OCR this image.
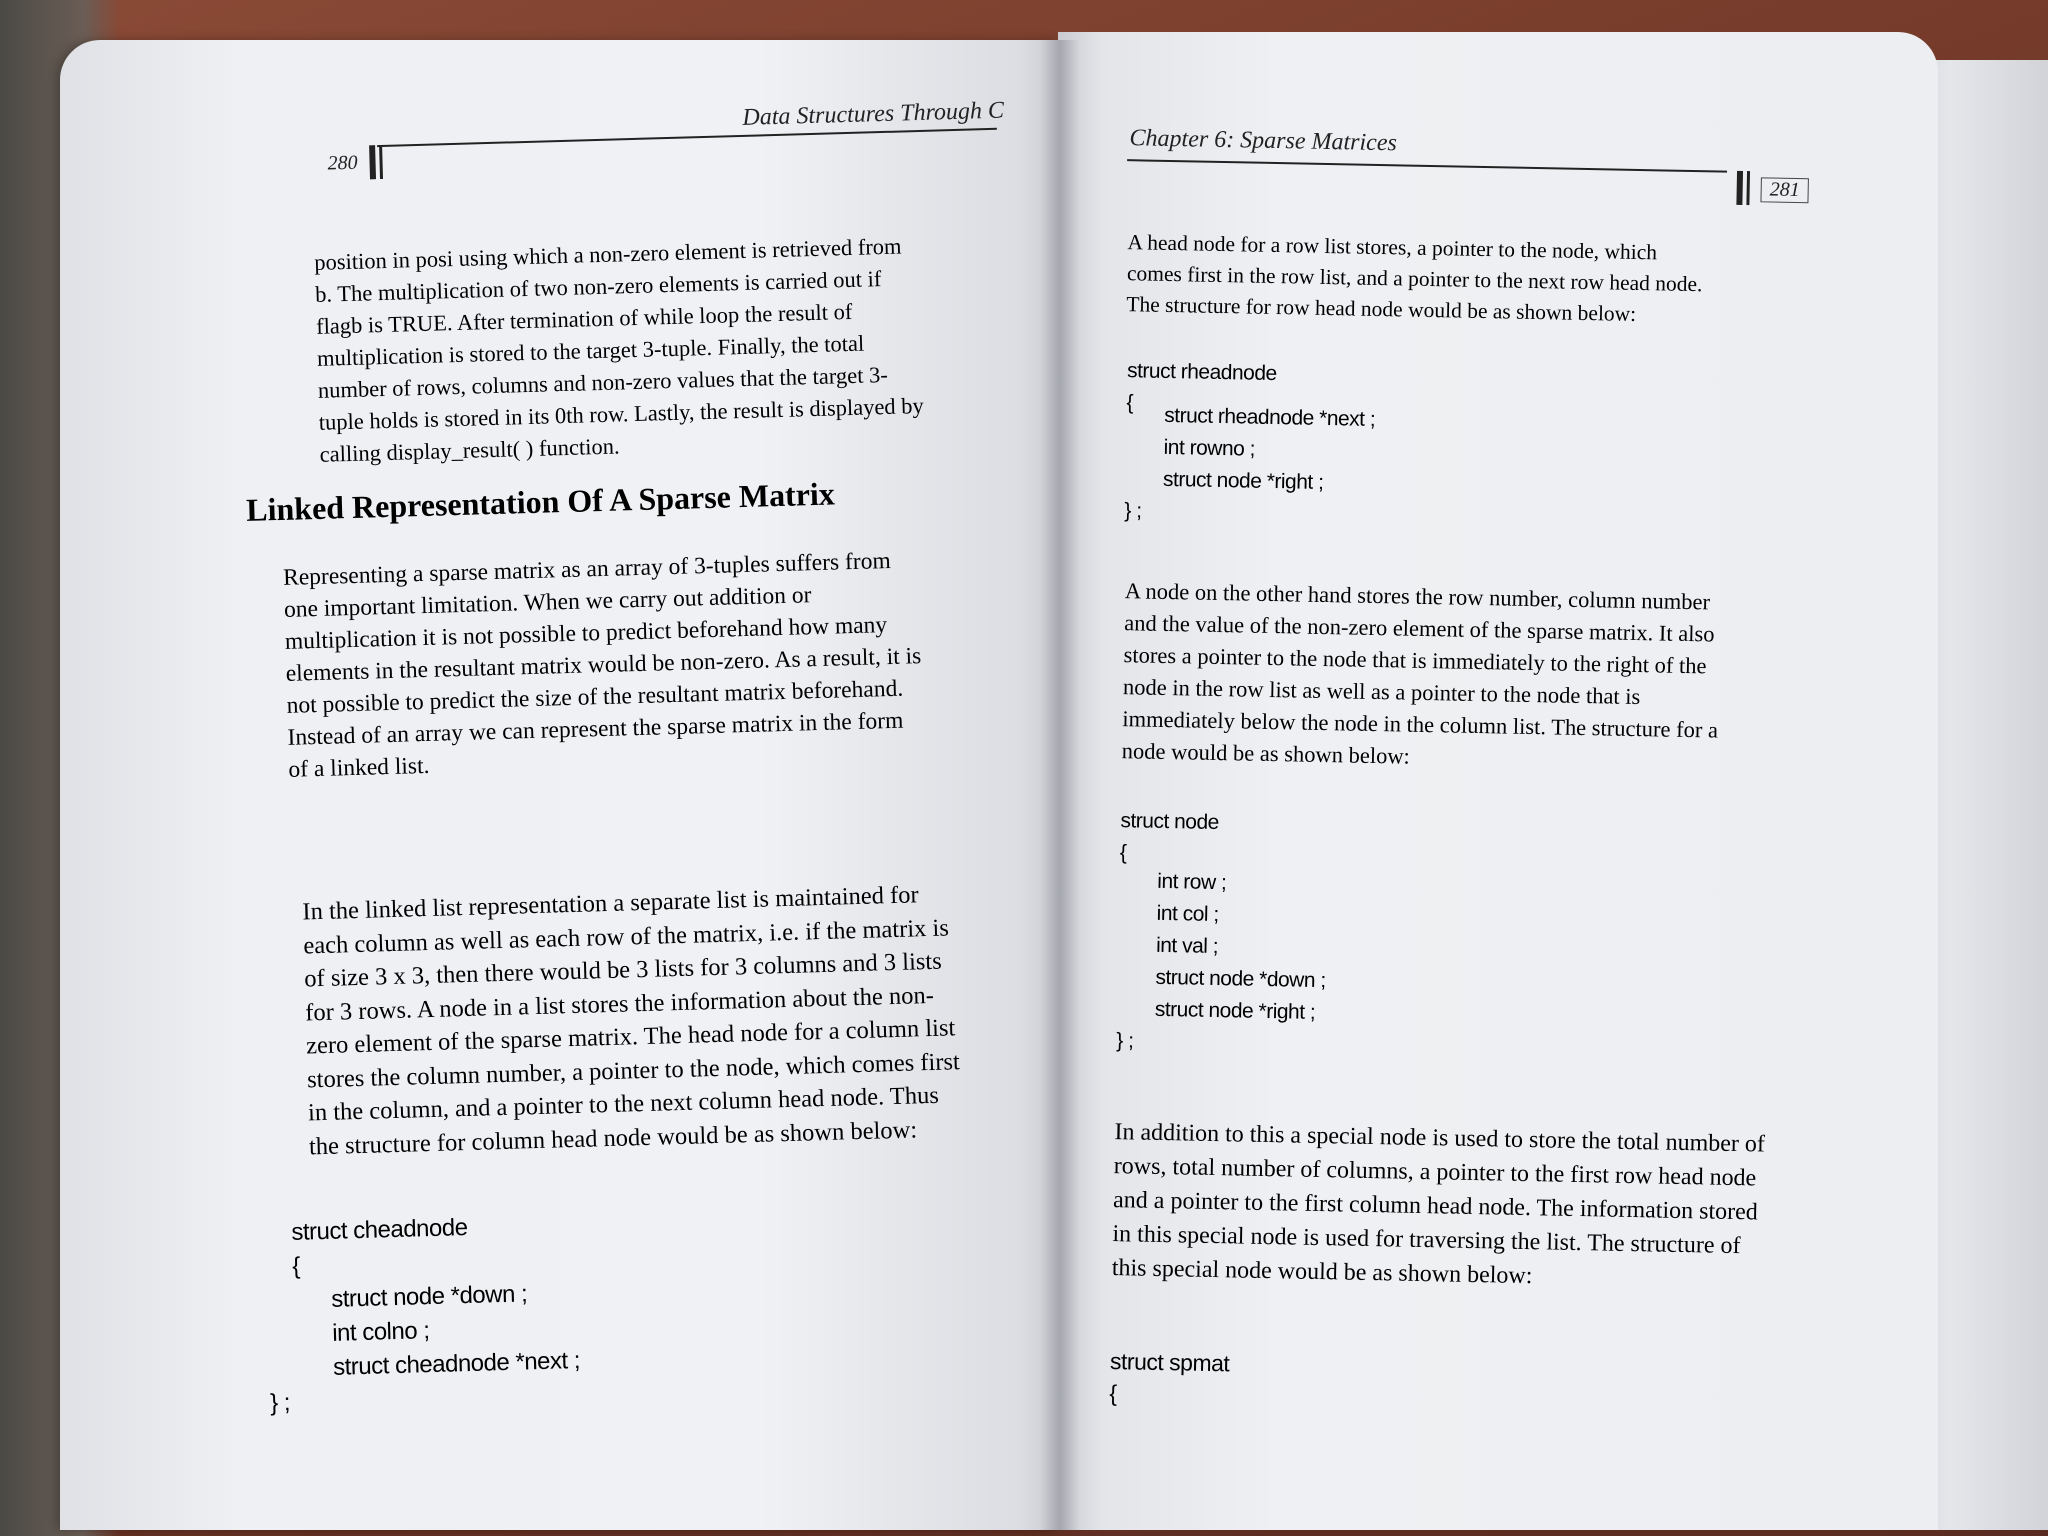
280
Data Structures Through C

position in posi using which a non-zero element is retrieved from
b. The multiplication of two non-zero elements is carried out if
flagb is TRUE. After termination of while loop the result of
multiplication is stored to the target 3-tuple. Finally, the total
number of rows, columns and non-zero values that the target 3-
tuple holds is stored in its 0th row. Lastly, the result is displayed by
calling display_result( ) function.

Linked Representation Of A Sparse Matrix

Representing a sparse matrix as an array of 3-tuples suffers from
one important limitation. When we carry out addition or
multiplication it is not possible to predict beforehand how many
elements in the resultant matrix would be non-zero. As a result, it is
not possible to predict the size of the resultant matrix beforehand.
Instead of an array we can represent the sparse matrix in the form
of a linked list.

In the linked list representation a separate list is maintained for
each column as well as each row of the matrix, i.e. if the matrix is
of size 3 x 3, then there would be 3 lists for 3 columns and 3 lists
for 3 rows. A node in a list stores the information about the non-
zero element of the sparse matrix. The head node for a column list
stores the column number, a pointer to the node, which comes first
in the column, and a pointer to the next column head node. Thus
the structure for column head node would be as shown below:

struct cheadnode
{
struct node *down ;
int colno ;
struct cheadnode *next ;
} ;
Chapter 6: Sparse Matrices
281

A head node for a row list stores, a pointer to the node, which
comes first in the row list, and a pointer to the next row head node.
The structure for row head node would be as shown below:

struct rheadnode
{
struct rheadnode *next ;
int rowno ;
struct node *right ;
} ;

A node on the other hand stores the row number, column number
and the value of the non-zero element of the sparse matrix. It also
stores a pointer to the node that is immediately to the right of the
node in the row list as well as a pointer to the node that is
immediately below the node in the column list. The structure for a
node would be as shown below:

struct node
{
int row ;
int col ;
int val ;
struct node *down ;
struct node *right ;
} ;

In addition to this a special node is used to store the total number of
rows, total number of columns, a pointer to the first row head node
and a pointer to the first column head node. The information stored
in this special node is used for traversing the list. The structure of
this special node would be as shown below:

struct spmat
{
